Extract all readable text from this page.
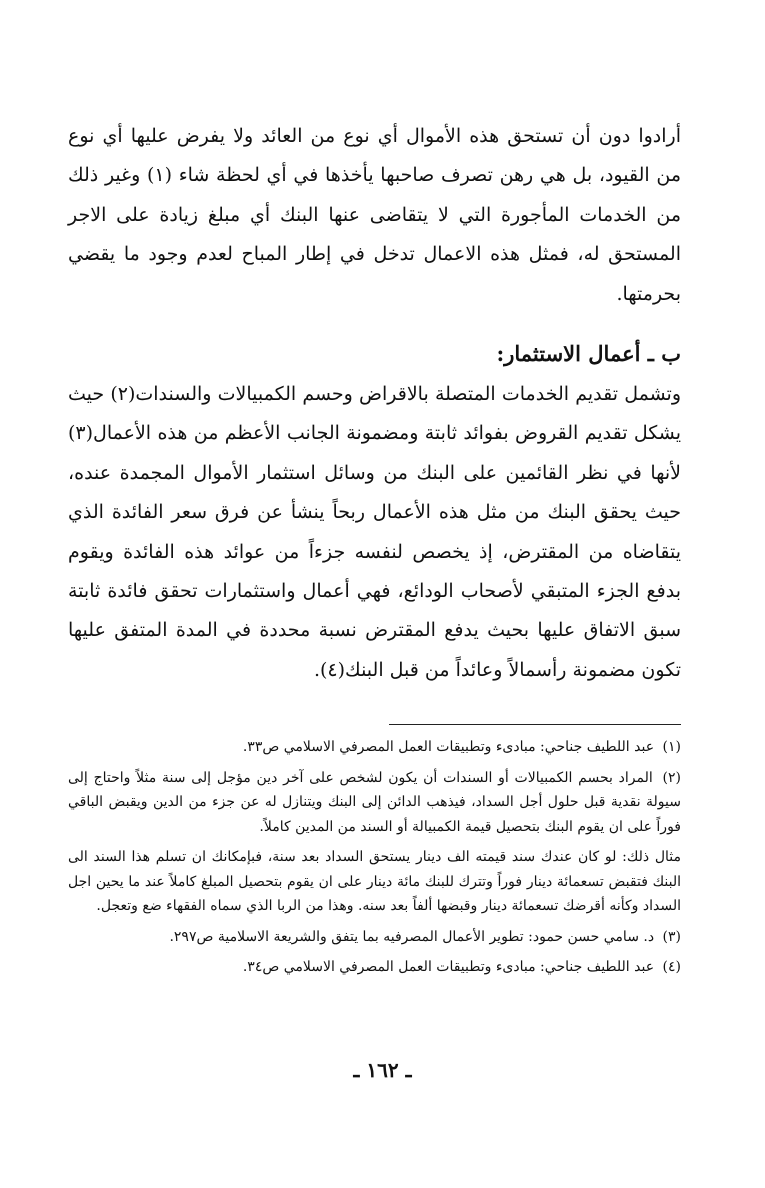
أرادوا دون أن تستحق هذه الأموال أي نوع من العائد ولا يفرض عليها أي نوع من القيود، بل هي رهن تصرف صاحبها يأخذها في أي لحظة شاء (١) وغير ذلك من الخدمات المأجورة التي لا يتقاضى عنها البنك أي مبلغ زيادة على الاجر المستحق له، فمثل هذه الاعمال تدخل في إطار المباح لعدم وجود ما يقضي بحرمتها.

ب ـ أعمال الاستثمار:

وتشمل تقديم الخدمات المتصلة بالاقراض وحسم الكمبيالات والسندات(٢) حيث يشكل تقديم القروض بفوائد ثابتة ومضمونة الجانب الأعظم من هذه الأعمال(٣) لأنها في نظر القائمين على البنك من وسائل استثمار الأموال المجمدة عنده، حيث يحقق البنك من مثل هذه الأعمال ربحاً ينشأ عن فرق سعر الفائدة الذي يتقاضاه من المقترض، إذ يخصص لنفسه جزءاً من عوائد هذه الفائدة ويقوم بدفع الجزء المتبقي لأصحاب الودائع، فهي أعمال واستثمارات تحقق فائدة ثابتة سبق الاتفاق عليها بحيث يدفع المقترض نسبة محددة في المدة المتفق عليها تكون مضمونة رأسمالاً وعائداً من قبل البنك(٤).

(١) عبد اللطيف جناحي: مبادىء وتطبيقات العمل المصرفي الاسلامي ص٣٣.

(٢) المراد بحسم الكمبيالات أو السندات أن يكون لشخص على آخر دين مؤجل إلى سنة مثلاً واحتاج إلى سيولة نقدية قبل حلول أجل السداد، فيذهب الدائن إلى البنك ويتنازل له عن جزء من الدين ويقبض الباقي فوراً على ان يقوم البنك بتحصيل قيمة الكمبيالة أو السند من المدين كاملاً.

مثال ذلك: لو كان عندك سند قيمته الف دينار يستحق السداد بعد سنة، فبإمكانك ان تسلم هذا السند الى البنك فتقبض تسعمائة دينار فوراً وتترك للبنك مائة دينار على ان يقوم بتحصيل المبلغ كاملاً عند ما يحين اجل السداد وكأنه أقرضك تسعمائة دينار وقبضها ألفاً بعد سنه. وهذا من الربا الذي سماه الفقهاء ضع وتعجل.

(٣) د. سامي حسن حمود: تطوير الأعمال المصرفيه بما يتفق والشريعة الاسلامية ص٢٩٧.

(٤) عبد اللطيف جناحي: مبادىء وتطبيقات العمل المصرفي الاسلامي ص٣٤.

ـ ١٦٢ ـ
